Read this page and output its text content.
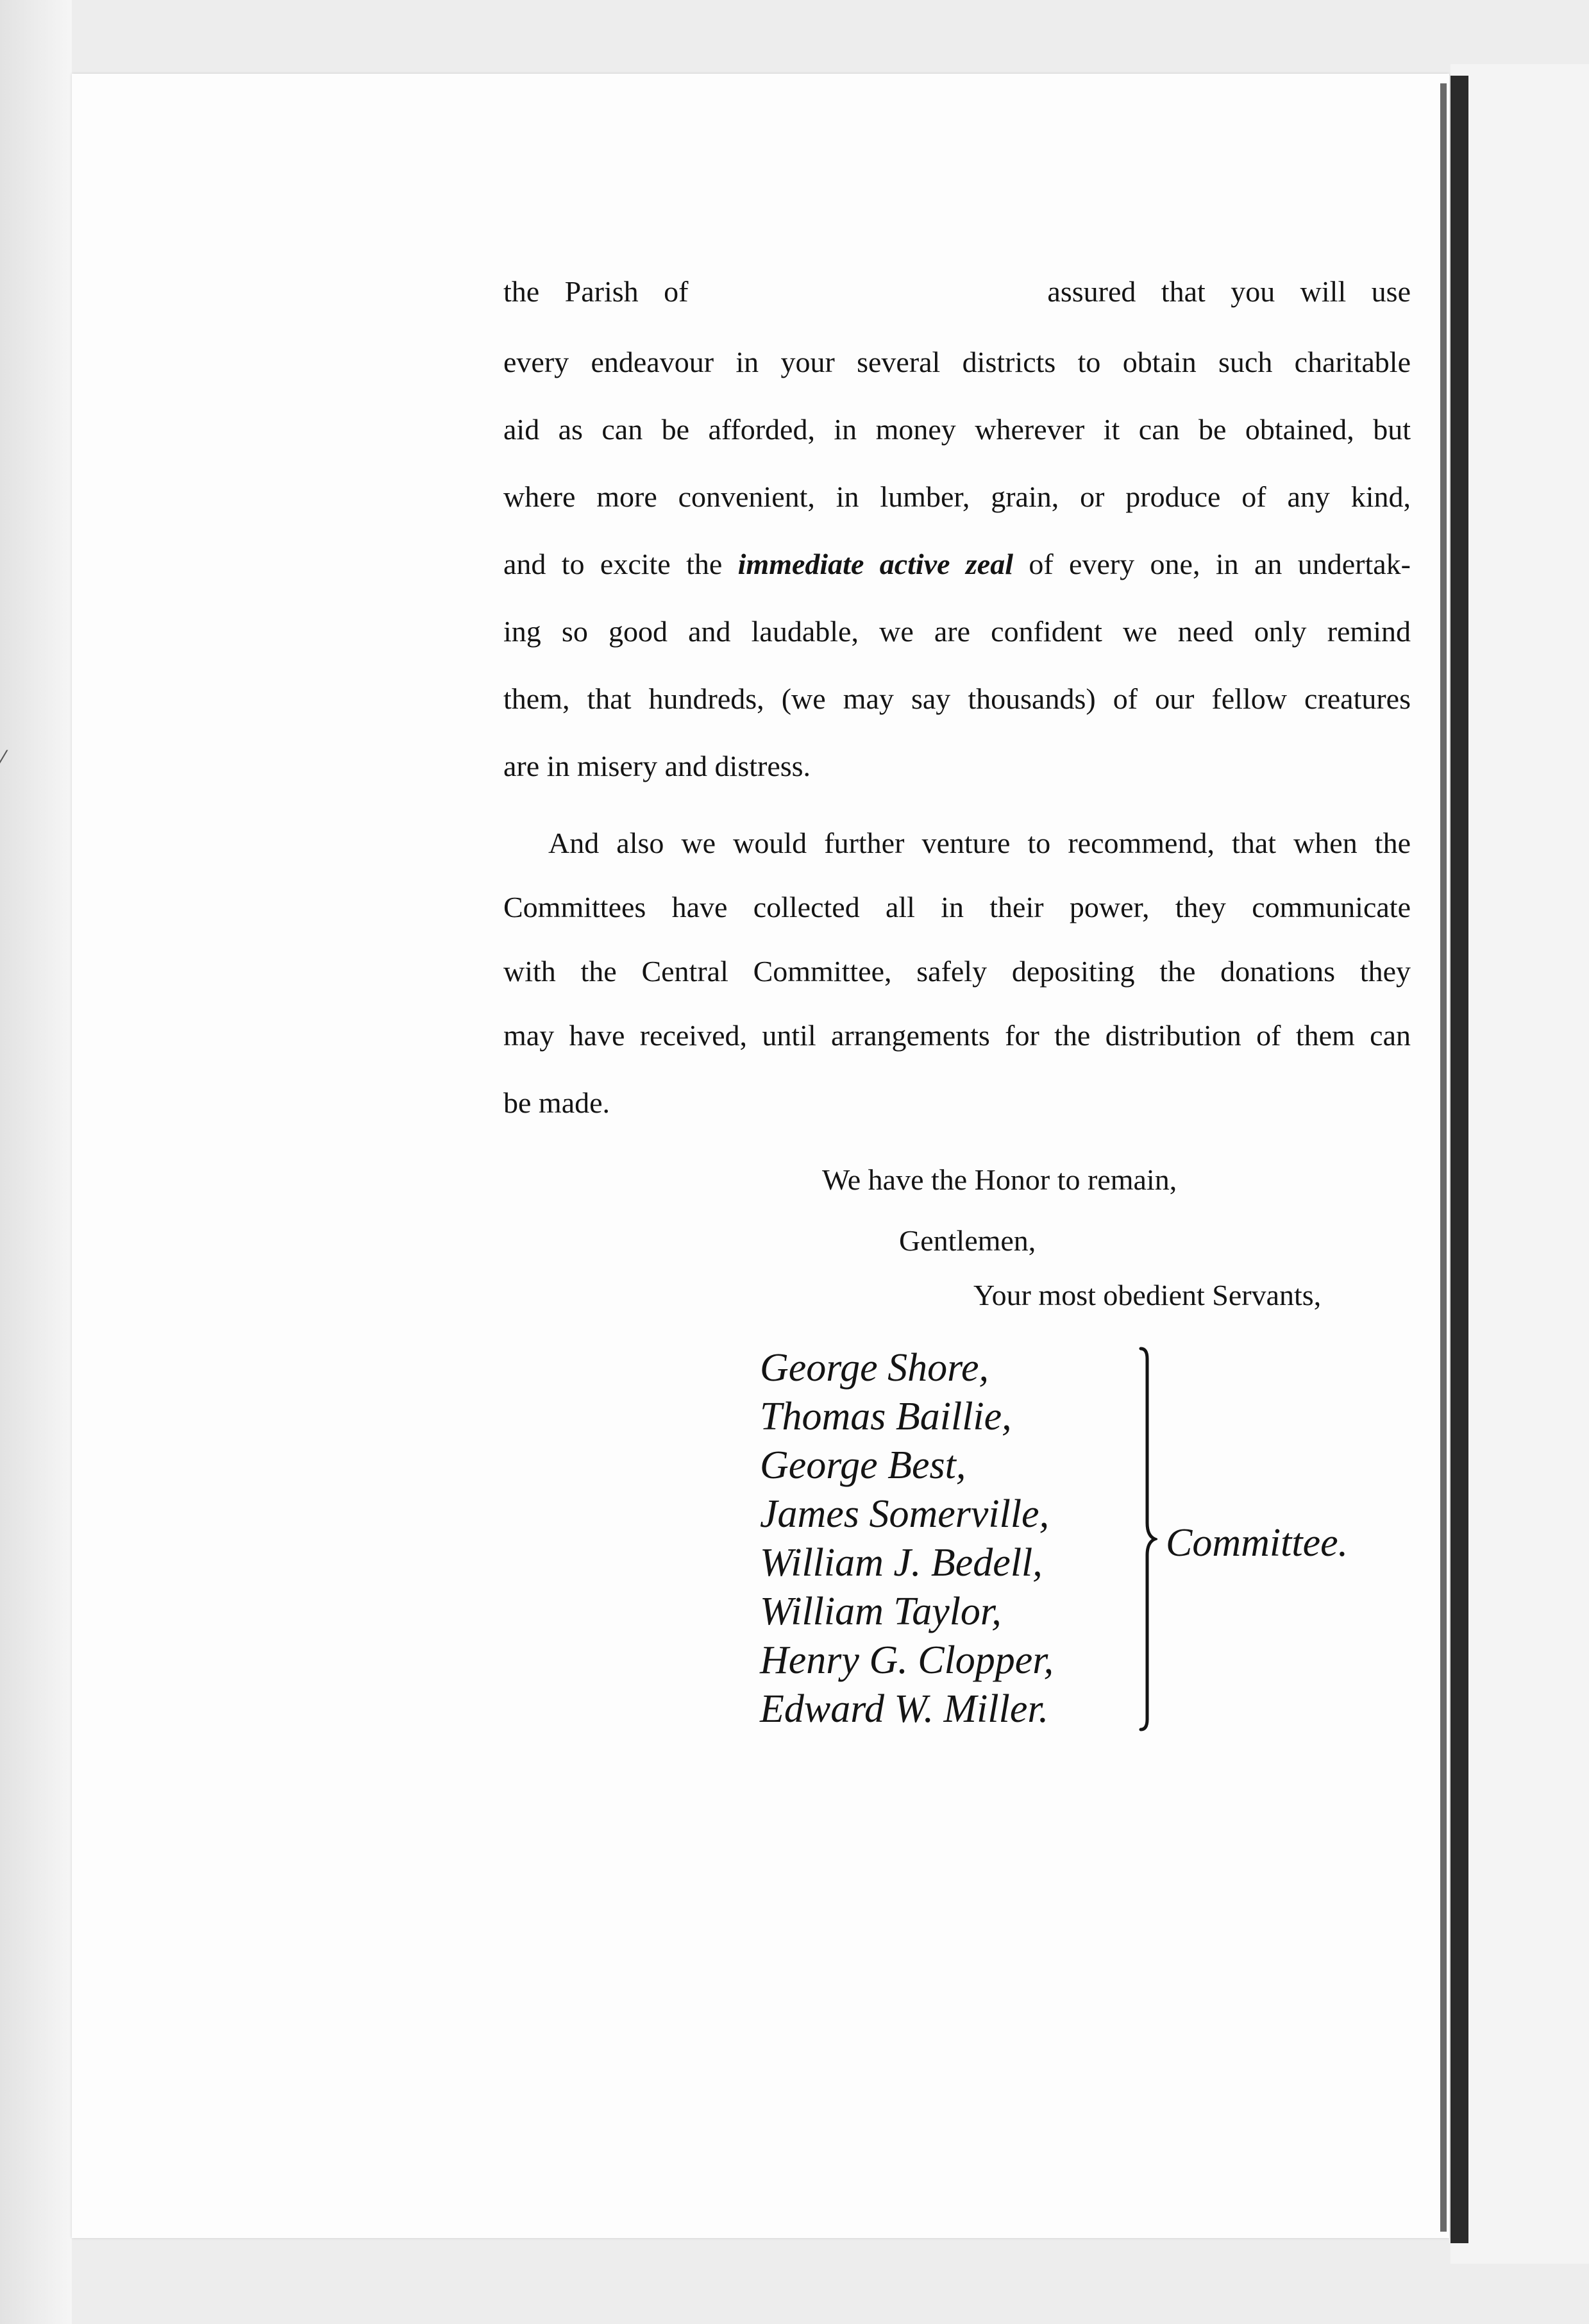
⁄
the Parish of	assured that you will use
every endeavour in your several districts to obtain such charitable
aid as can be afforded, in money wherever it can be obtained, but
where more convenient, in lumber, grain, or produce of any kind,
and to excite the immediate active zeal of every one, in an undertak-
ing so good and laudable, we are confident we need only remind
them, that hundreds, (we may say thousands) of our fellow creatures
are in misery and distress.
And also we would further venture to recommend, that when the
Committees have collected all in their power, they communicate
with the Central Committee, safely depositing the donations they
may have received, until arrangements for the distribution of them can
be made.
We have the Honor to remain,
Gentlemen,
Your most obedient Servants,
George Shore,
Thomas Baillie,
George Best,
James Somerville,
William J. Bedell,
William Taylor,
Henry G. Clopper,
Edward W. Miller.
Committee.
